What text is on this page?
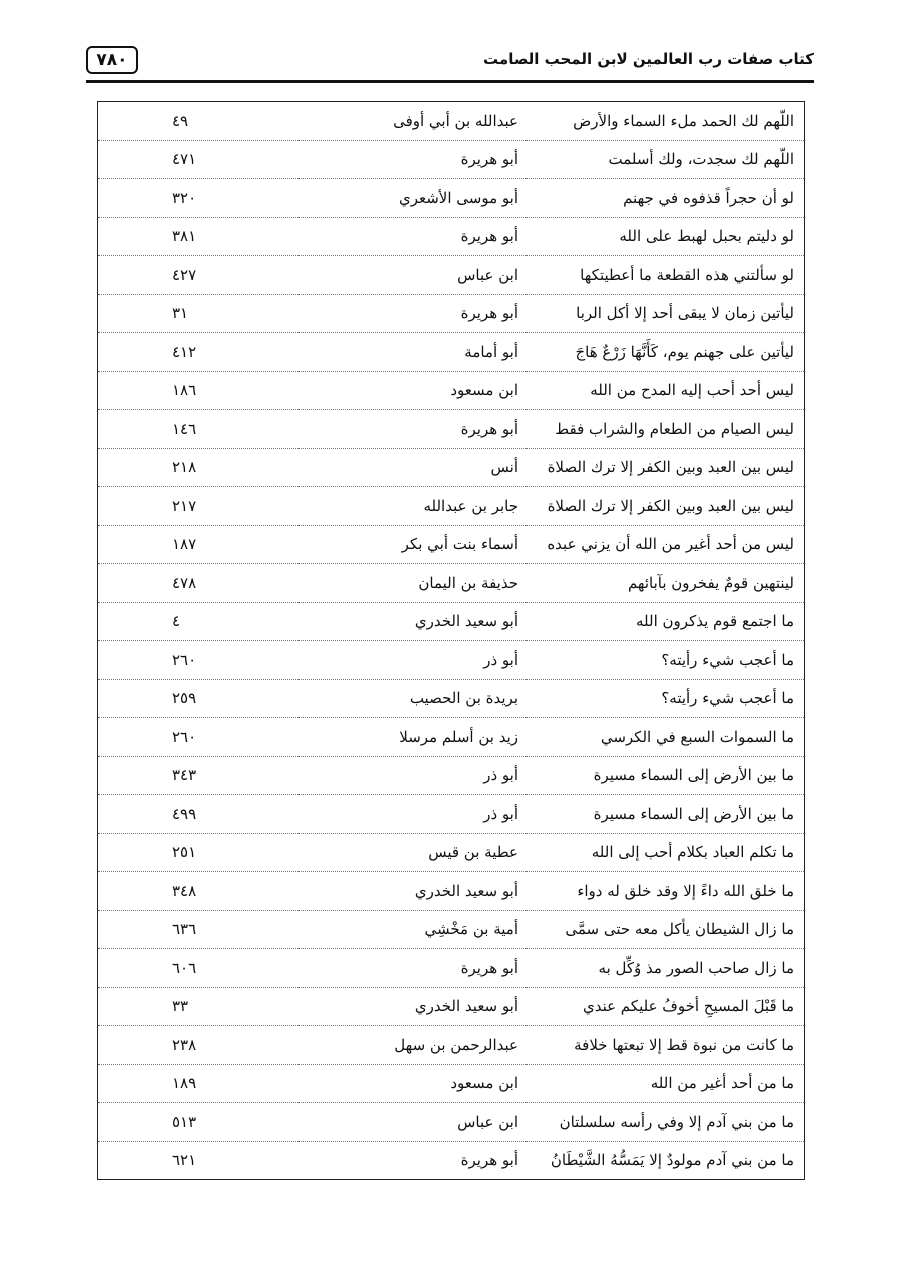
٧٨٠	كتاب صفات رب العالمين لابن المحب الصامت
اللّهم لك الحمد ملء السماء والأرض	عبدالله بن أبي أوفى	٤٩
اللّهم لك سجدت، ولك أسلمت	أبو هريرة	٤٧١
لو أن حجراً قذفوه في جهنم	أبو موسى الأشعري	٣٢٠
لو دليتم بحبل لهبط على الله	أبو هريرة	٣٨١
لو سألتني هذه القطعة ما أعطيتكها	ابن عباس	٤٢٧
ليأتين زمان لا يبقى أحد إلا أكل الربا	أبو هريرة	٣١
ليأتين على جهنم يوم، كَأَنَّهَا زَرْعٌ هَاجَ	أبو أمامة	٤١٢
ليس أحد أحب إليه المدح من الله	ابن مسعود	١٨٦
ليس الصيام من الطعام والشراب فقط	أبو هريرة	١٤٦
ليس بين العبد وبين الكفر إلا ترك الصلاة	أنس	٢١٨
ليس بين العبد وبين الكفر إلا ترك الصلاة	جابر بن عبدالله	٢١٧
ليس من أحد أغير من الله أن يزني عبده	أسماء بنت أبي بكر	١٨٧
لينتهين قومٌ يفخرون بآبائهم	حذيفة بن اليمان	٤٧٨
ما اجتمع قوم يذكرون الله	أبو سعيد الخدري	٤
ما أعجب شيء رأيته؟	أبو ذر	٢٦٠
ما أعجب شيء رأيته؟	بريدة بن الحصيب	٢٥٩
ما السموات السبع في الكرسي	زيد بن أسلم مرسلا	٢٦٠
ما بين الأرض إلى السماء مسيرة	أبو ذر	٣٤٣
ما بين الأرض إلى السماء مسيرة	أبو ذر	٤٩٩
ما تكلم العباد بكلام أحب إلى الله	عطية بن قيس	٢٥١
ما خلق الله داءً إلا وقد خلق له دواء	أبو سعيد الخدري	٣٤٨
ما زال الشيطان يأكل معه حتى سمَّى	أمية بن مَخْشِي	٦٣٦
ما زال صاحب الصور مذ وُكِّل به	أبو هريرة	٦٠٦
ما قَبْلَ المسيحِ أخوفُ عليكم عندي	أبو سعيد الخدري	٣٣
ما كانت من نبوة قط إلا تبعتها خلافة	عبدالرحمن بن سهل	٢٣٨
ما من أحد أغير من الله	ابن مسعود	١٨٩
ما من بني آدم إلا وفي رأسه سلسلتان	ابن عباس	٥١٣
ما من بني آدم مولودٌ إلا يَمَسُّهُ الشَّيْطَانُ	أبو هريرة	٦٢١
